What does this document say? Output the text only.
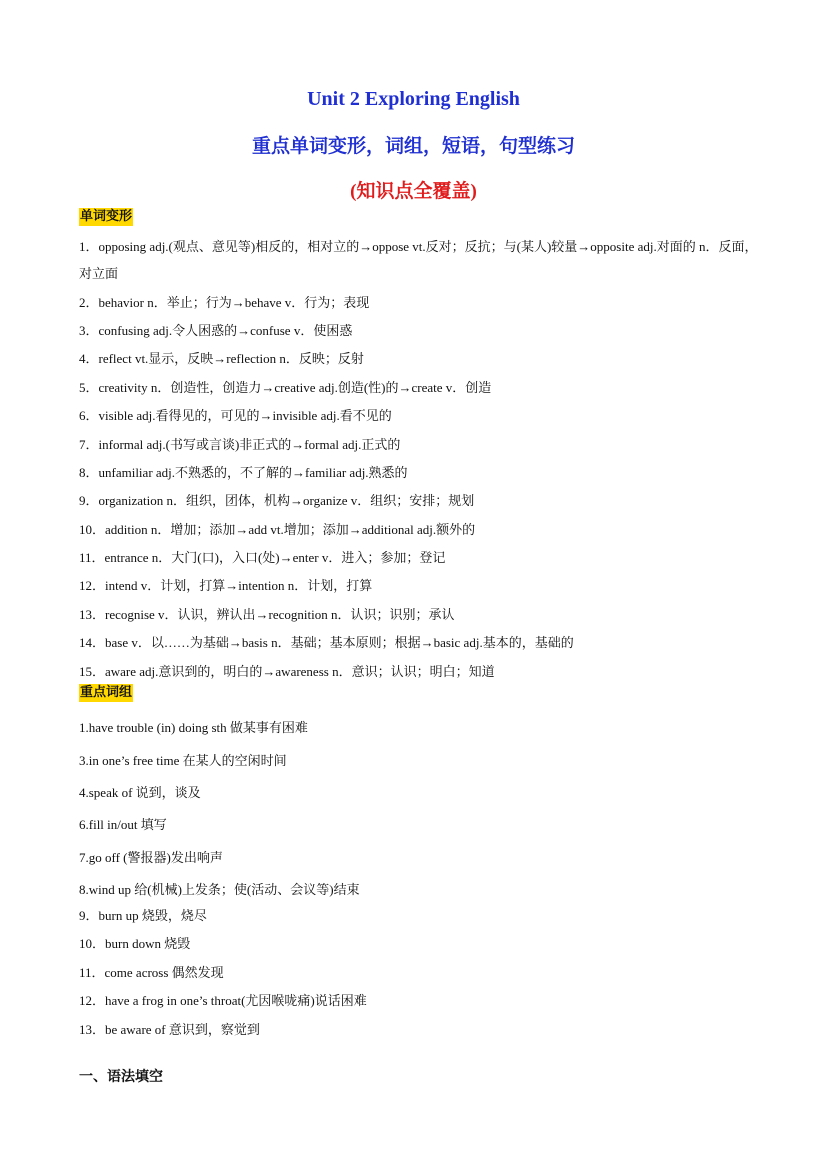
Unit 2 Exploring English
重点单词变形，词组，短语，句型练习
(知识点全覆盖)
单词变形
1．opposing adj.(观点、意见等)相反的，相对立的→oppose vt.反对；反抗；与(某人)较量→opposite adj.对面的 n．反面， 对立面
2．behavior n．举止；行为→behave v．行为；表现
3．confusing adj.令人困惑的→confuse v．使困惑
4．reflect vt.显示，反映→reflection n．反映；反射
5．creativity n．创造性，创造力→creative adj.创造(性)的→create v．创造
6．visible adj.看得见的，可见的→invisible adj.看不见的
7．informal adj.(书写或言谈)非正式的→formal adj.正式的
8．unfamiliar adj.不熟悉的，不了解的→familiar adj.熟悉的
9．organization n．组织，团体，机构→organize v．组织；安排；规划
10．addition n．增加；添加→add vt.增加；添加→additional adj.额外的
11．entrance n．大门(口)，入口(处)→enter v．进入；参加；登记
12．intend v．计划，打算→intention n．计划，打算
13．recognise v．认识，辨认出→recognition n．认识；识别；承认
14．base v．以……为基础→basis n．基础；基本原则；根据→basic adj.基本的，基础的
15．aware adj.意识到的，明白的→awareness n．意识；认识；明白；知道
重点词组
1.have trouble (in) doing sth 做某事有困难
3.in one’s free time 在某人的空闲时间
4.speak of 说到，谈及
6.fill in/out 填写
7.go off (警报器)发出响声
8.wind up 给(机械)上发条；使(活动、会议等)结束
9．burn up 烧毁，烧尽
10．burn down 烧毁
11．come across 偶然发现
12．have a frog in one’s throat(尤因喉咙痛)说话困难
13．be aware of 意识到，察觉到
一、语法填空
